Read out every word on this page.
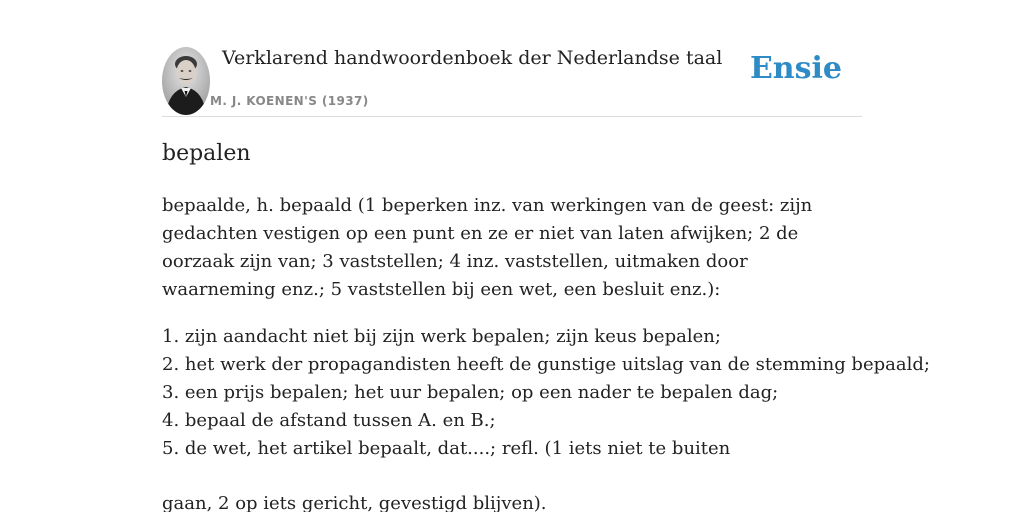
Verklarend handwoordenboek der Nederlandse taal
M. J. KOENEN'S (1937)
Ensie
bepalen
bepaalde, h. bepaald (1 beperken inz. van werkingen van de geest: zijn gedachten vestigen op een punt en ze er niet van laten afwijken; 2 de oorzaak zijn van; 3 vaststellen; 4 inz. vaststellen, uitmaken door waarneming enz.; 5 vaststellen bij een wet, een besluit enz.):
1. zijn aandacht niet bij zijn werk bepalen; zijn keus bepalen;
2. het werk der propagandisten heeft de gunstige uitslag van de stemming bepaald;
3. een prijs bepalen; het uur bepalen; op een nader te bepalen dag;
4. bepaal de afstand tussen A. en B.;
5. de wet, het artikel bepaalt, dat....; refl. (1 iets niet te buiten
gaan, 2 op iets gericht, gevestigd blijven).
